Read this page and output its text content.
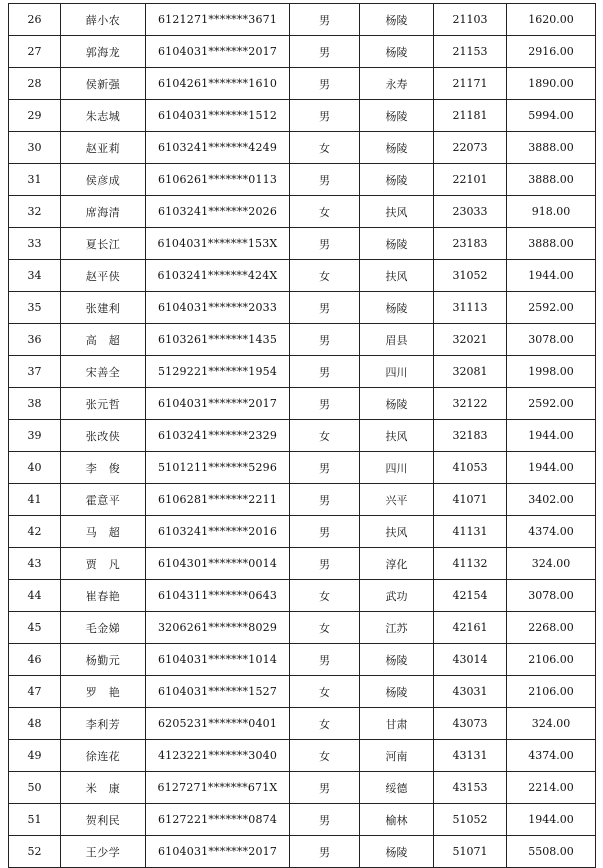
26	薛小农	6121271*******3671	男	杨陵	21103	1620.00
27	郭海龙	6104031*******2017	男	杨陵	21153	2916.00
28	侯新强	6104261*******1610	男	永寿	21171	1890.00
29	朱志城	6104031*******1512	男	杨陵	21181	5994.00
30	赵亚莉	6103241*******4249	女	杨陵	22073	3888.00
31	侯彦成	6106261*******0113	男	杨陵	22101	3888.00
32	席海清	6103241*******2026	女	扶风	23033	918.00
33	夏长江	6104031*******153X	男	杨陵	23183	3888.00
34	赵平侠	6103241*******424X	女	扶风	31052	1944.00
35	张建利	6104031*******2033	男	杨陵	31113	2592.00
36	高　超	6103261*******1435	男	眉县	32021	3078.00
37	宋善全	5129221*******1954	男	四川	32081	1998.00
38	张元哲	6104031*******2017	男	杨陵	32122	2592.00
39	张改侠	6103241*******2329	女	扶风	32183	1944.00
40	李　俊	5101211*******5296	男	四川	41053	1944.00
41	霍意平	6106281*******2211	男	兴平	41071	3402.00
42	马　超	6103241*******2016	男	扶风	41131	4374.00
43	贾　凡	6104301*******0014	男	淳化	41132	324.00
44	崔春艳	6104311*******0643	女	武功	42154	3078.00
45	毛金娣	3206261*******8029	女	江苏	42161	2268.00
46	杨勤元	6104031*******1014	男	杨陵	43014	2106.00
47	罗　艳	6104031*******1527	女	杨陵	43031	2106.00
48	李利芳	6205231*******0401	女	甘肃	43073	324.00
49	徐连花	4123221*******3040	女	河南	43131	4374.00
50	米　康	6127271*******671X	男	绥德	43153	2214.00
51	贺利民	6127221*******0874	男	榆林	51052	1944.00
52	王少学	6104031*******2017	男	杨陵	51071	5508.00
